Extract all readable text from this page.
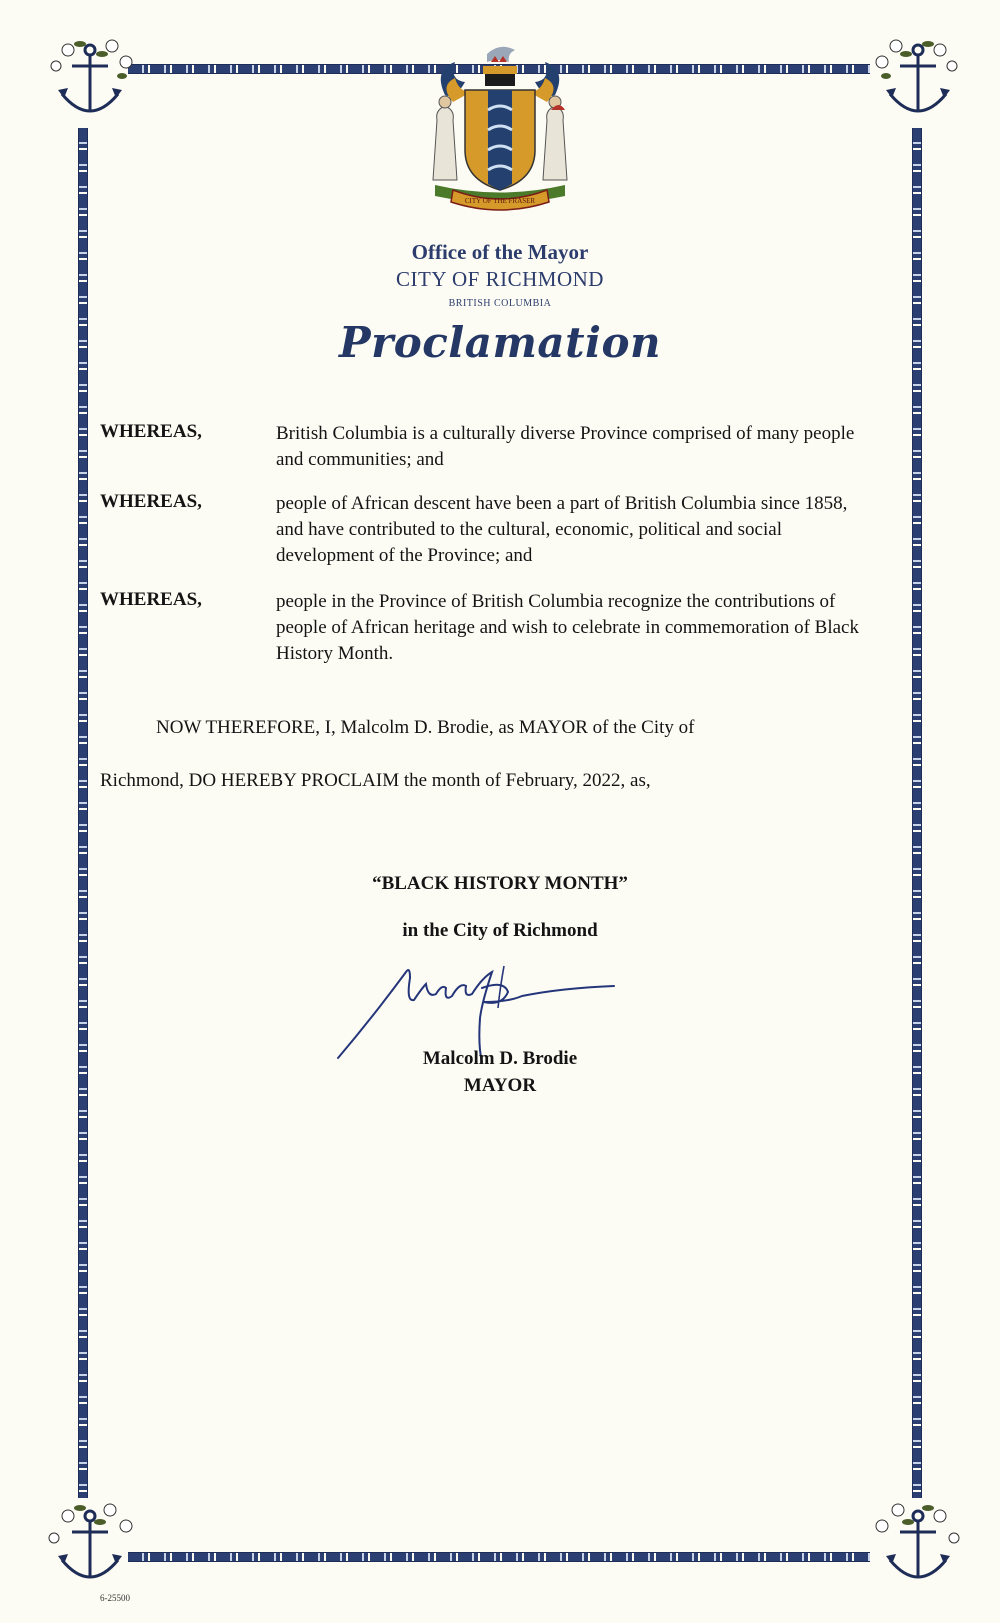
CITY OF THE FRASER
Office of the Mayor
CITY OF RICHMOND
BRITISH COLUMBIA
Proclamation
WHEREAS,	British Columbia is a culturally diverse Province comprised of many people and communities; and
WHEREAS,	people of African descent have been a part of British Columbia since 1858, and have contributed to the cultural, economic, political and social development of the Province; and
WHEREAS,	people in the Province of British Columbia recognize the contributions of people of African heritage and wish to celebrate in commemoration of Black History Month.
NOW THEREFORE, I, Malcolm D. Brodie, as MAYOR of the City of
Richmond, DO HEREBY PROCLAIM the month of February, 2022, as,
“BLACK HISTORY MONTH”
in the City of Richmond
Malcolm D. Brodie
MAYOR
6-25500
